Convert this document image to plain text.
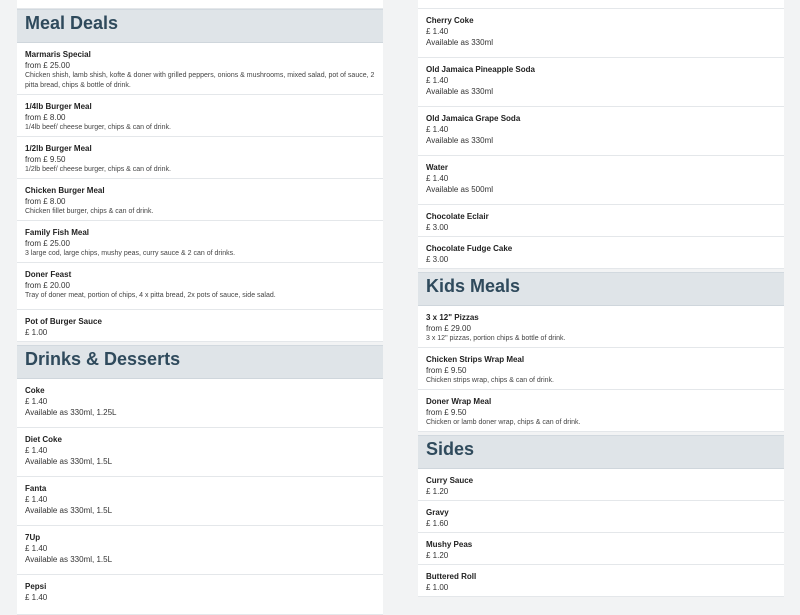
Meal Deals
Marmaris Special
from £ 25.00
Chicken shish, lamb shish, kofte & doner with grilled peppers, onions & mushrooms, mixed salad, pot of sauce, 2 pitta bread, chips & bottle of drink.
1/4lb Burger Meal
from £ 8.00
1/4lb beef/ cheese burger, chips & can of drink.
1/2lb Burger Meal
from £ 9.50
1/2lb beef/ cheese burger, chips & can of drink.
Chicken Burger Meal
from £ 8.00
Chicken fillet burger, chips & can of drink.
Family Fish Meal
from £ 25.00
3 large cod, large chips, mushy peas, curry sauce & 2 can of drinks.
Doner Feast
from £ 20.00
Tray of doner meat, portion of chips, 4 x pitta bread, 2x pots of sauce, side salad.
Pot of Burger Sauce
£ 1.00
Drinks & Desserts
Coke
£ 1.40
Available as 330ml, 1.25L
Diet Coke
£ 1.40
Available as 330ml, 1.5L
Fanta
£ 1.40
Available as 330ml, 1.5L
7Up
£ 1.40
Available as 330ml, 1.5L
Pepsi
£ 1.40
Cherry Coke
£ 1.40
Available as 330ml
Old Jamaica Pineapple Soda
£ 1.40
Available as 330ml
Old Jamaica Grape Soda
£ 1.40
Available as 330ml
Water
£ 1.40
Available as 500ml
Chocolate Eclair
£ 3.00
Chocolate Fudge Cake
£ 3.00
Kids Meals
3 x 12" Pizzas
from £ 29.00
3 x 12" pizzas, portion chips & bottle of drink.
Chicken Strips Wrap Meal
from £ 9.50
Chicken strips wrap, chips & can of drink.
Doner Wrap Meal
from £ 9.50
Chicken or lamb doner wrap, chips & can of drink.
Sides
Curry Sauce
£ 1.20
Gravy
£ 1.60
Mushy Peas
£ 1.20
Buttered Roll
£ 1.00
